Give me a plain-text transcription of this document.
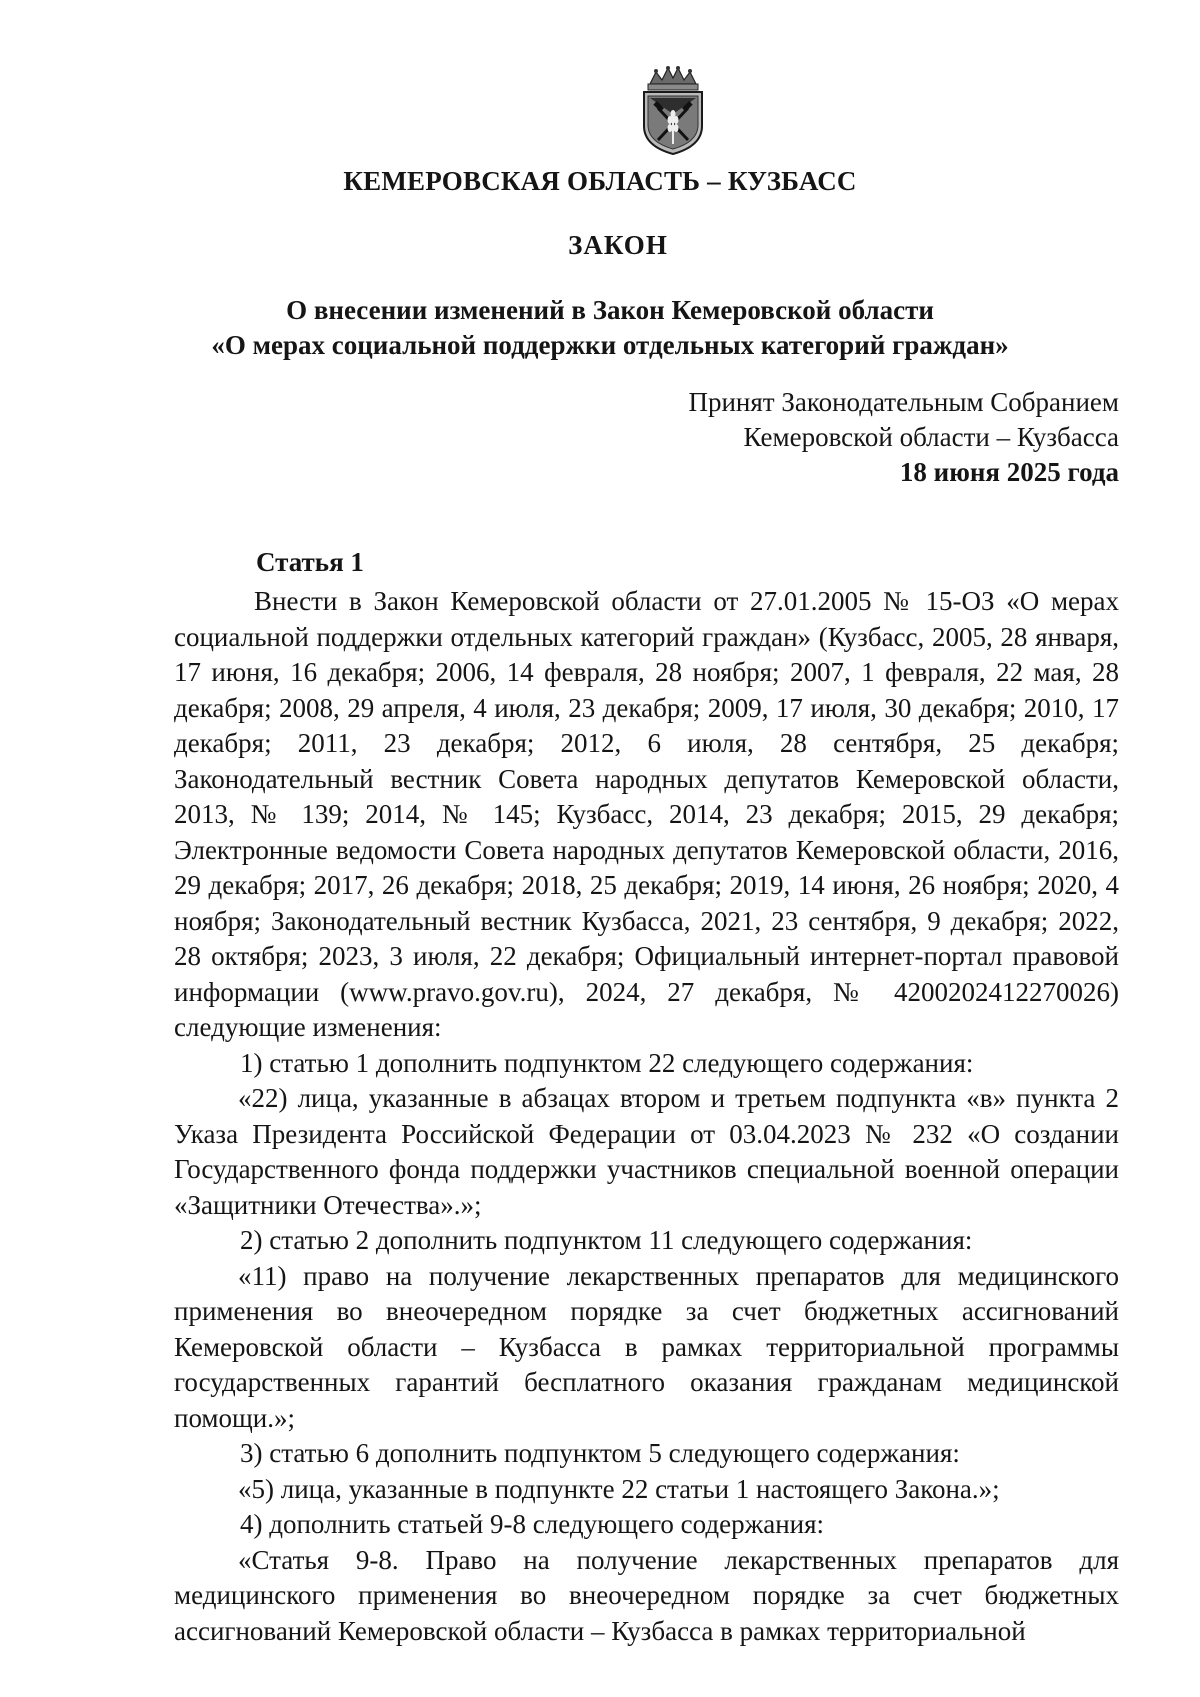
КЕМЕРОВСКАЯ ОБЛАСТЬ – КУЗБАСС
ЗАКОН
О внесении изменений в Закон Кемеровской области
«О мерах социальной поддержки отдельных категорий граждан»
Принят Законодательным Собранием
Кемеровской области – Кузбасса
18 июня 2025 года
Статья 1

Внести в Закон Кемеровской области от 27.01.2005 № 15-ОЗ «О мерах социальной поддержки отдельных категорий граждан» (Кузбасс, 2005, 28 января, 17 июня, 16 декабря; 2006, 14 февраля, 28 ноября; 2007, 1 февраля, 22 мая, 28 декабря; 2008, 29 апреля, 4 июля, 23 декабря; 2009, 17 июля, 30 декабря; 2010, 17 декабря; 2011, 23 декабря; 2012, 6 июля, 28 сентября, 25 декабря; Законодательный вестник Совета народных депутатов Кемеровской области, 2013, № 139; 2014, № 145; Кузбасс, 2014, 23 декабря; 2015, 29 декабря; Электронные ведомости Совета народных депутатов Кемеровской области, 2016, 29 декабря; 2017, 26 декабря; 2018, 25 декабря; 2019, 14 июня, 26 ноября; 2020, 4 ноября; Законодательный вестник Кузбасса, 2021, 23 сентября, 9 декабря; 2022, 28 октября; 2023, 3 июля, 22 декабря; Официальный интернет-портал правовой информации (www.pravo.gov.ru), 2024, 27 декабря, № 4200202412270026) следующие изменения:

1) статью 1 дополнить подпунктом 22 следующего содержания:

«22) лица, указанные в абзацах втором и третьем подпункта «в» пункта 2 Указа Президента Российской Федерации от 03.04.2023 № 232 «О создании Государственного фонда поддержки участников специальной военной операции «Защитники Отечества».»;

2) статью 2 дополнить подпунктом 11 следующего содержания:

«11) право на получение лекарственных препаратов для медицинского применения во внеочередном порядке за счет бюджетных ассигнований Кемеровской области – Кузбасса в рамках территориальной программы государственных гарантий бесплатного оказания гражданам медицинской помощи.»;

3) статью 6 дополнить подпунктом 5 следующего содержания:

«5) лица, указанные в подпункте 22 статьи 1 настоящего Закона.»;

4) дополнить статьей 9-8 следующего содержания:

«Статья 9-8. Право на получение лекарственных препаратов для медицинского применения во внеочередном порядке за счет бюджетных ассигнований Кемеровской области – Кузбасса в рамках территориальной
